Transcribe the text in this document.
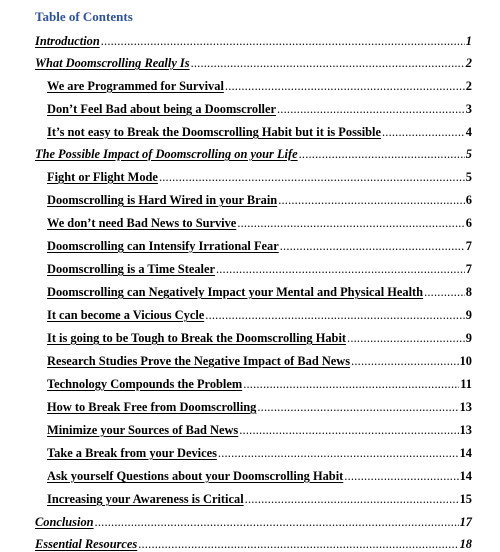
Table of Contents
Introduction .....	1
What Doomscrolling Really Is .....	2
We are Programmed for Survival .....	2
Don’t Feel Bad about being a Doomscroller .....	3
It’s not easy to Break the Doomscrolling Habit but it is Possible .....	4
The Possible Impact of Doomscrolling on your Life .....	5
Fight or Flight Mode .....	5
Doomscrolling is Hard Wired in your Brain .....	6
We don’t need Bad News to Survive .....	6
Doomscrolling can Intensify Irrational Fear .....	7
Doomscrolling is a Time Stealer .....	7
Doomscrolling can Negatively Impact your Mental and Physical Health .....	8
It can become a Vicious Cycle .....	9
It is going to be Tough to Break the Doomscrolling Habit .....	9
Research Studies Prove the Negative Impact of Bad News .....	10
Technology Compounds the Problem .....	11
How to Break Free from Doomscrolling .....	13
Minimize your Sources of Bad News .....	13
Take a Break from your Devices .....	14
Ask yourself Questions about your Doomscrolling Habit .....	14
Increasing your Awareness is Critical .....	15
Conclusion .....	17
Essential Resources .....	18
